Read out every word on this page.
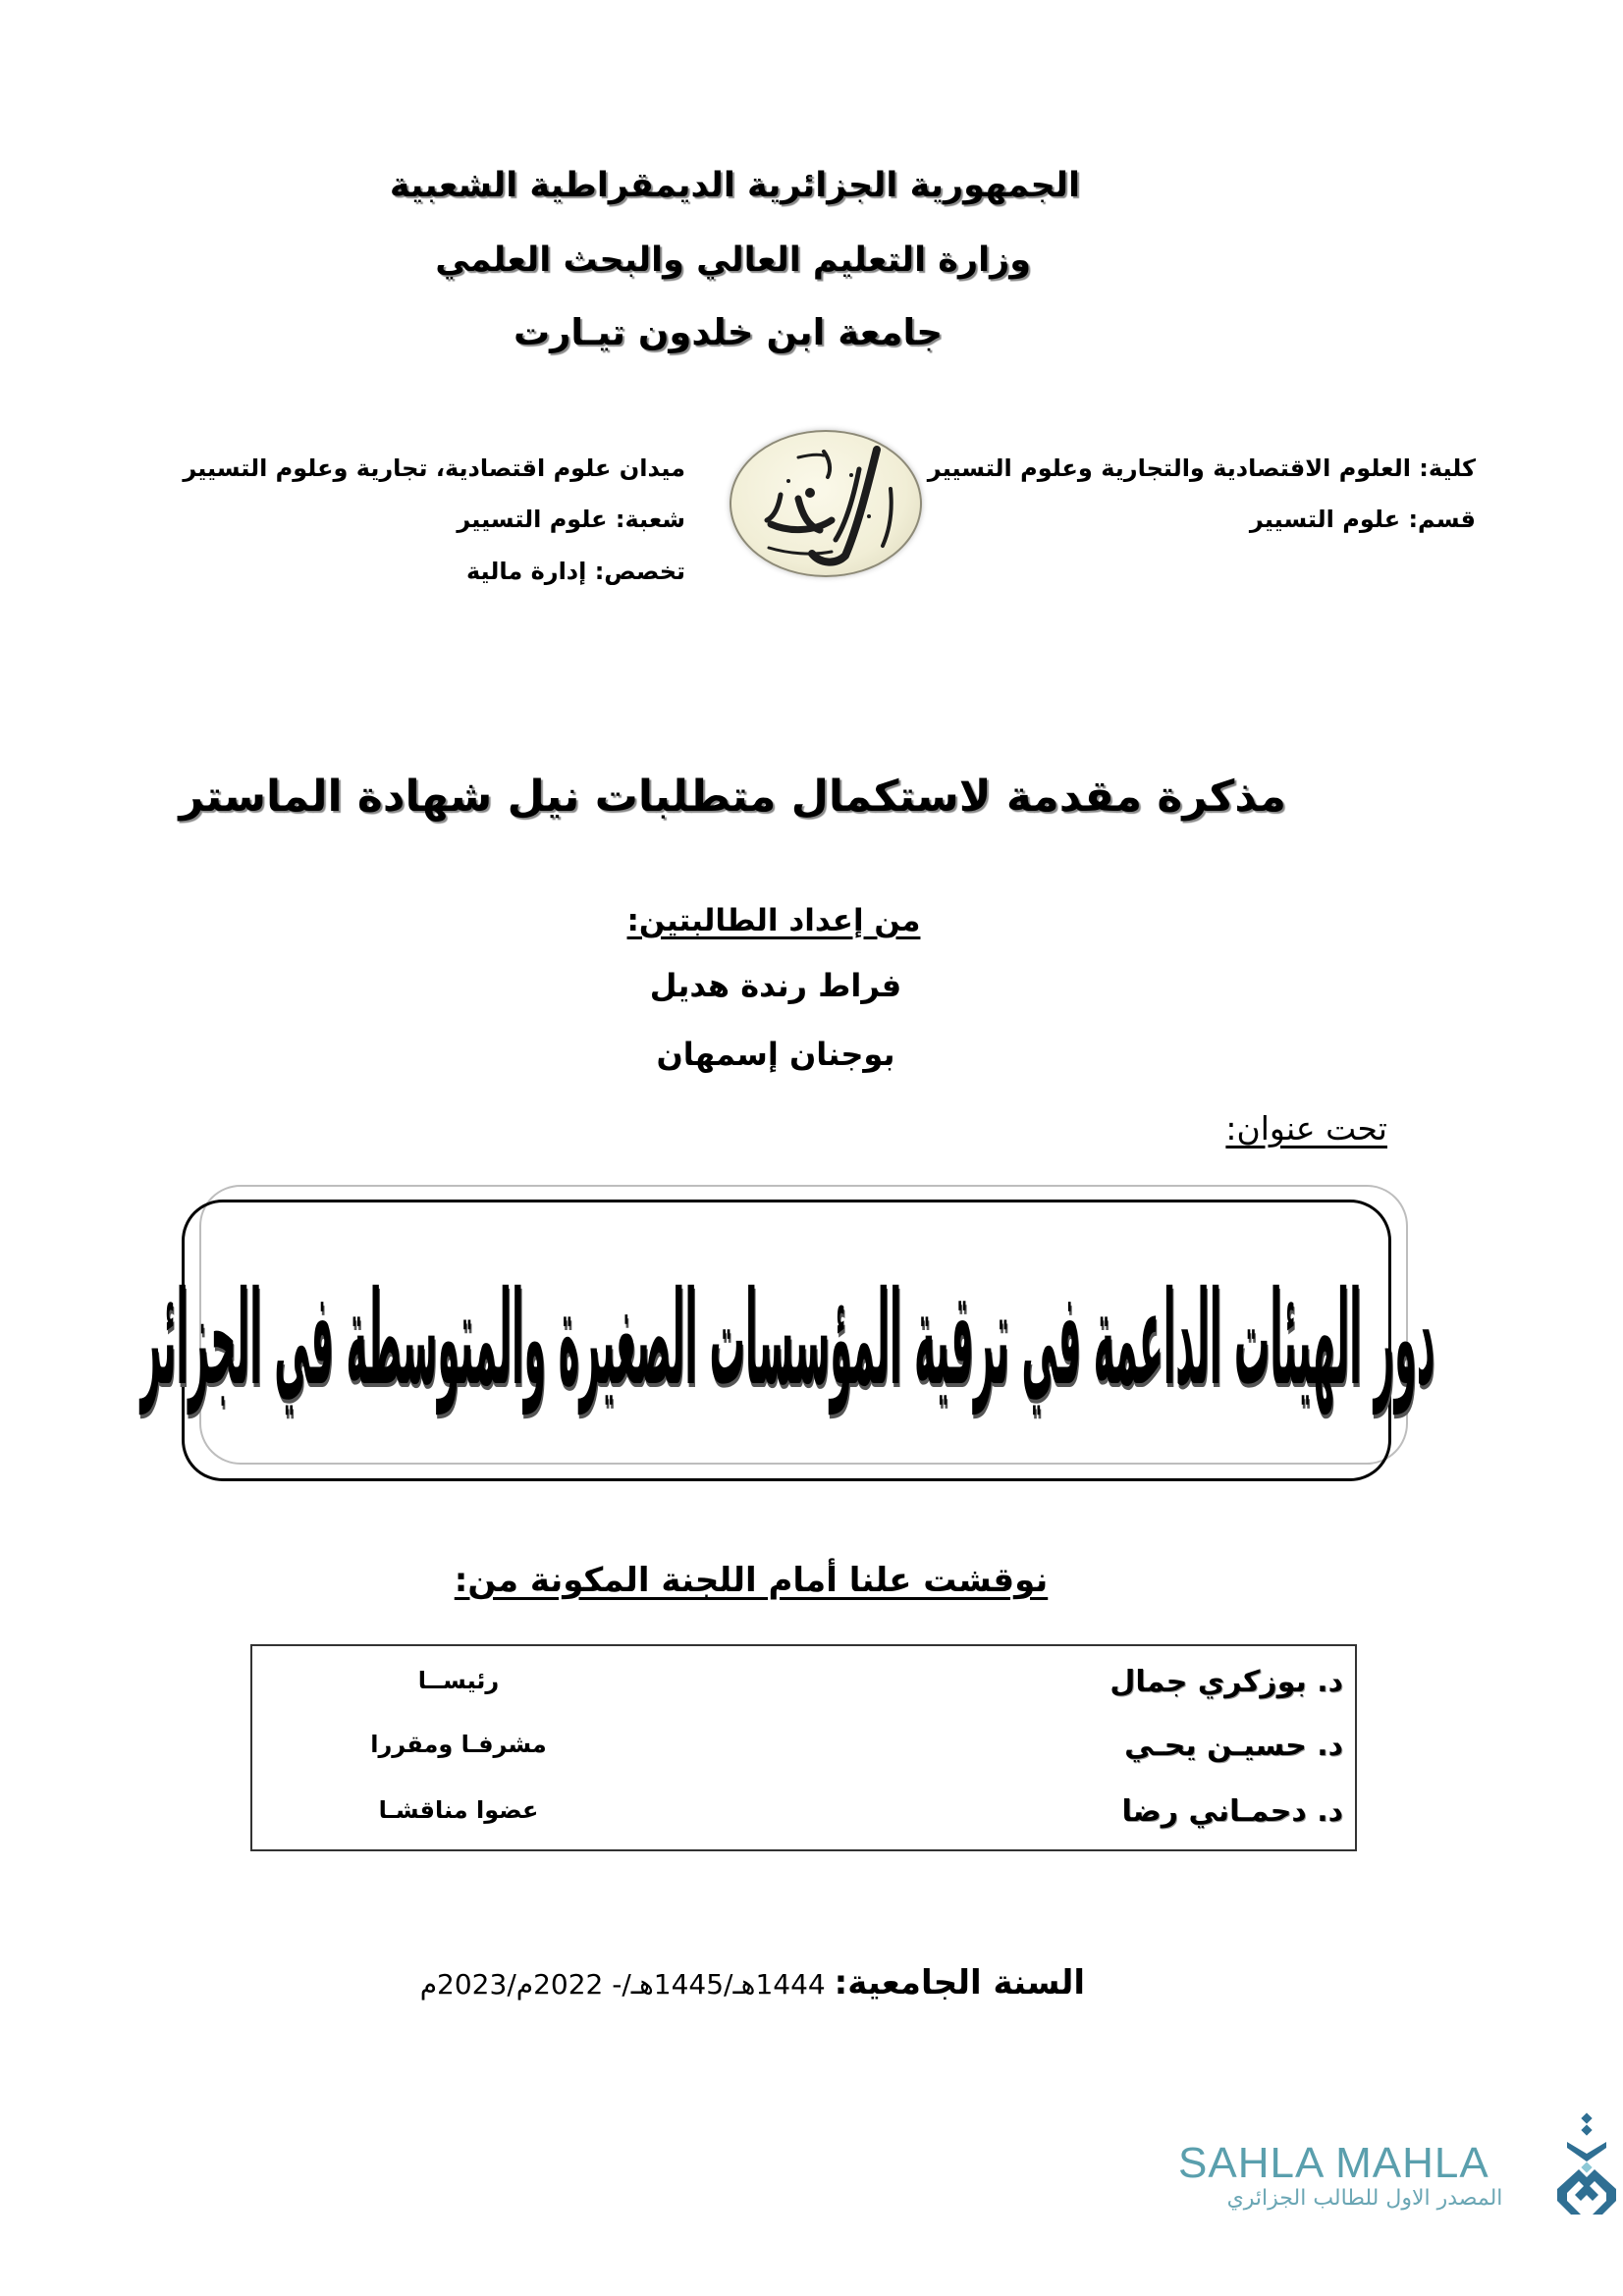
الجمهورية الجزائرية الديمقراطية الشعبية
وزارة التعليم العالي والبحث العلمي
جامعة ابن خلدون تيـارت
كلية: العلوم الاقتصادية والتجارية وعلوم التسيير
قسم: علوم التسيير
ميدان علوم اقتصادية، تجارية وعلوم التسيير
شعبة: علوم التسيير
تخصص: إدارة مالية
مذكرة مقدمة لاستكمال متطلبات نيل شهادة الماستر
من إعداد الطالبتين:
فراط رندة هديل
بوجنان إسمهان
تحت عنوان:
دور الهيئات الداعمة في ترقية المؤسسات الصغيرة والمتوسطة في الجزائر
نوقشت علنا أمام اللجنة المكونة من:
د. بوزكري جمال
رئيســا
د. حسيـن يحـي
مشرفـا ومقررا
د. دحمـاني رضا
عضوا مناقشـا
السنة الجامعية: 1444هـ/1445هـ/- 2022م/2023م
SAHLA MAHLA
المصدر الاول للطالب الجزائري
